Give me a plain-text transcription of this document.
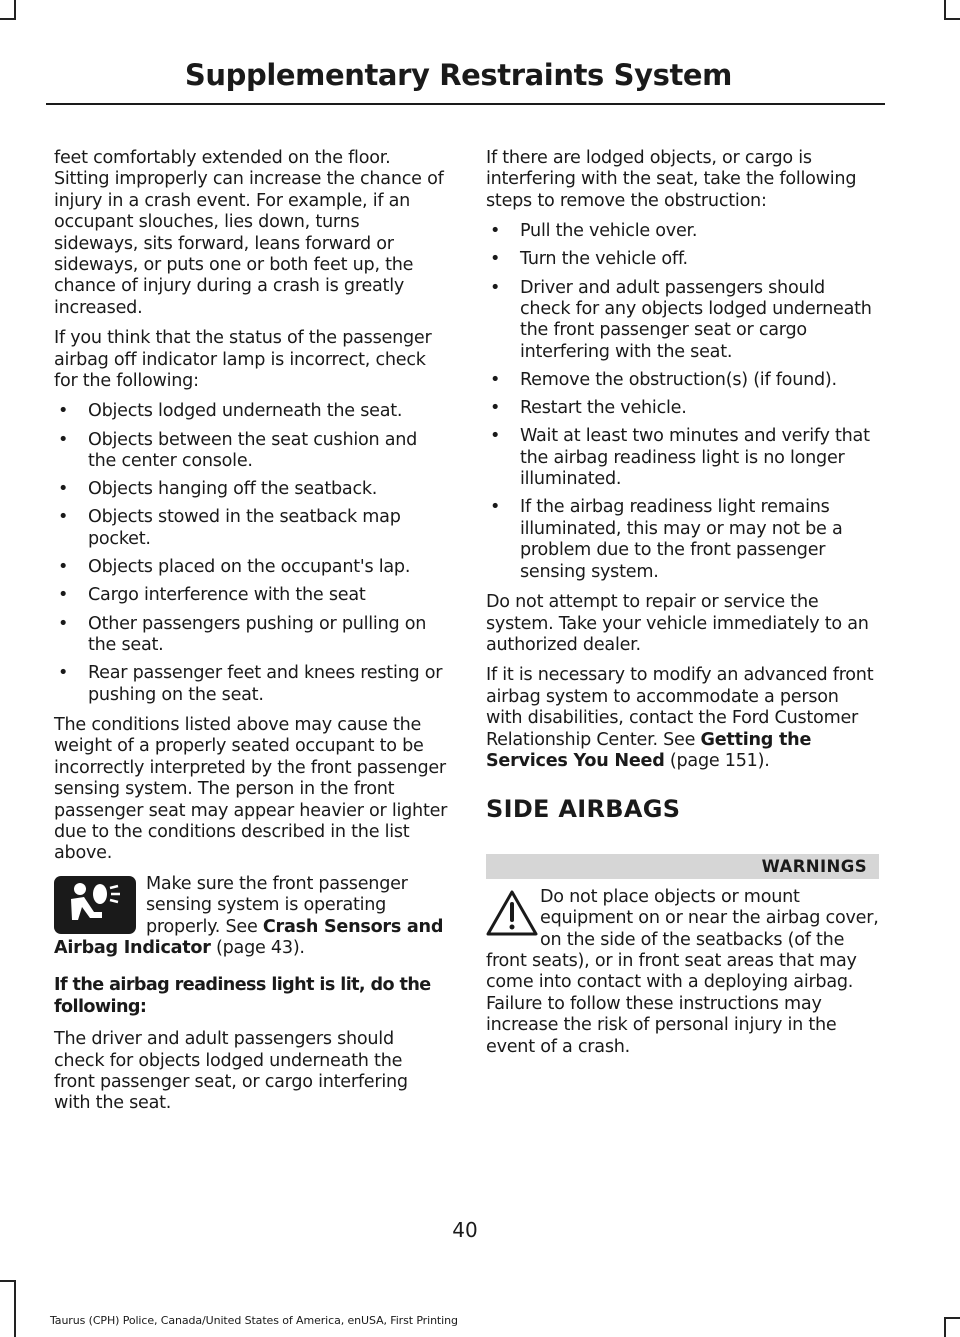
Supplementary Restraints System

feet comfortably extended on the floor. Sitting improperly can increase the chance of injury in a crash event. For example, if an occupant slouches, lies down, turns sideways, sits forward, leans forward or sideways, or puts one or both feet up, the chance of injury during a crash is greatly increased.

If you think that the status of the passenger airbag off indicator lamp is incorrect, check for the following:

• Objects lodged underneath the seat.
• Objects between the seat cushion and the center console.
• Objects hanging off the seatback.
• Objects stowed in the seatback map pocket.
• Objects placed on the occupant's lap.
• Cargo interference with the seat
• Other passengers pushing or pulling on the seat.
• Rear passenger feet and knees resting or pushing on the seat.

The conditions listed above may cause the weight of a properly seated occupant to be incorrectly interpreted by the front passenger sensing system. The person in the front passenger seat may appear heavier or lighter due to the conditions described in the list above.

Make sure the front passenger sensing system is operating properly. See Crash Sensors and Airbag Indicator (page 43).

If the airbag readiness light is lit, do the following:

The driver and adult passengers should check for objects lodged underneath the front passenger seat, or cargo interfering with the seat.

If there are lodged objects, or cargo is interfering with the seat, take the following steps to remove the obstruction:

• Pull the vehicle over.
• Turn the vehicle off.
• Driver and adult passengers should check for any objects lodged underneath the front passenger seat or cargo interfering with the seat.
• Remove the obstruction(s) (if found).
• Restart the vehicle.
• Wait at least two minutes and verify that the airbag readiness light is no longer illuminated.
• If the airbag readiness light remains illuminated, this may or may not be a problem due to the front passenger sensing system.

Do not attempt to repair or service the system. Take your vehicle immediately to an authorized dealer.

If it is necessary to modify an advanced front airbag system to accommodate a person with disabilities, contact the Ford Customer Relationship Center. See Getting the Services You Need (page 151).

SIDE AIRBAGS
WARNINGS

Do not place objects or mount equipment on or near the airbag cover, on the side of the seatbacks (of the front seats), or in front seat areas that may come into contact with a deploying airbag. Failure to follow these instructions may increase the risk of personal injury in the event of a crash.

40
Taurus (CPH) Police, Canada/United States of America, enUSA, First Printing
